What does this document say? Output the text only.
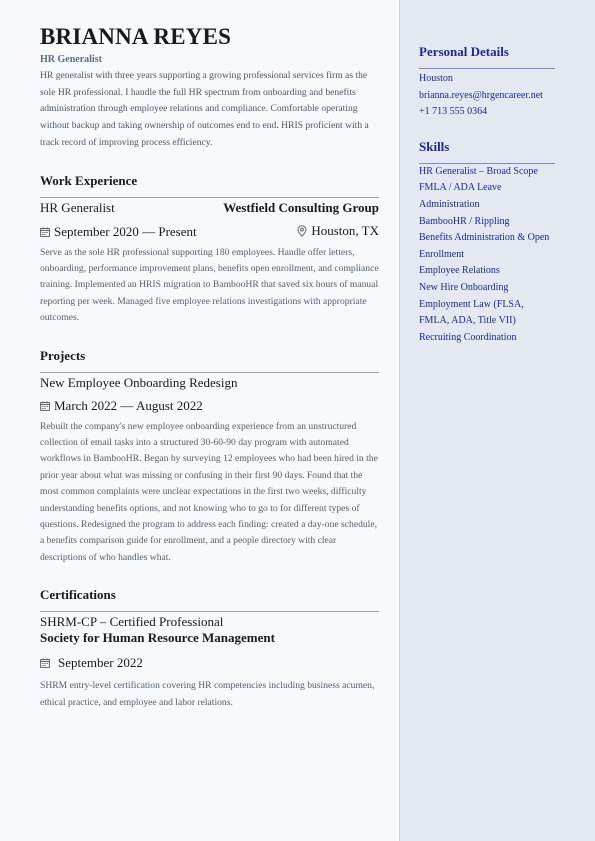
BRIANNA REYES
HR Generalist
HR generalist with three years supporting a growing professional services firm as the sole HR professional. I handle the full HR spectrum from onboarding and benefits administration through employee relations and compliance. Comfortable operating without backup and taking ownership of outcomes end to end. HRIS proficient with a track record of improving process efficiency.
Work Experience
HR Generalist	Westfield Consulting Group
September 2020 — Present	Houston, TX
Serve as the sole HR professional supporting 180 employees. Handle offer letters, onboarding, performance improvement plans, benefits open enrollment, and compliance training. Implemented an HRIS migration to BambooHR that saved six hours of manual reporting per week. Managed five employee relations investigations with appropriate outcomes.
Projects
New Employee Onboarding Redesign
March 2022 — August 2022
Rebuilt the company's new employee onboarding experience from an unstructured collection of email tasks into a structured 30-60-90 day program with automated workflows in BambooHR. Began by surveying 12 employees who had been hired in the prior year about what was missing or confusing in their first 90 days. Found that the most common complaints were unclear expectations in the first two weeks, difficulty understanding benefits options, and not knowing who to go to for different types of questions. Redesigned the program to address each finding: created a day-one schedule, a benefits comparison guide for enrollment, and a people directory with clear descriptions of who handles what.
Certifications
SHRM-CP – Certified Professional
Society for Human Resource Management
September 2022
SHRM entry-level certification covering HR competencies including business acumen, ethical practice, and employee and labor relations.
Personal Details
Houston
brianna.reyes@hrgencareer.net
+1 713 555 0364
Skills
HR Generalist – Broad Scope
FMLA / ADA Leave Administration
BambooHR / Rippling
Benefits Administration & Open Enrollment
Employee Relations
New Hire Onboarding
Employment Law (FLSA, FMLA, ADA, Title VII)
Recruiting Coordination
